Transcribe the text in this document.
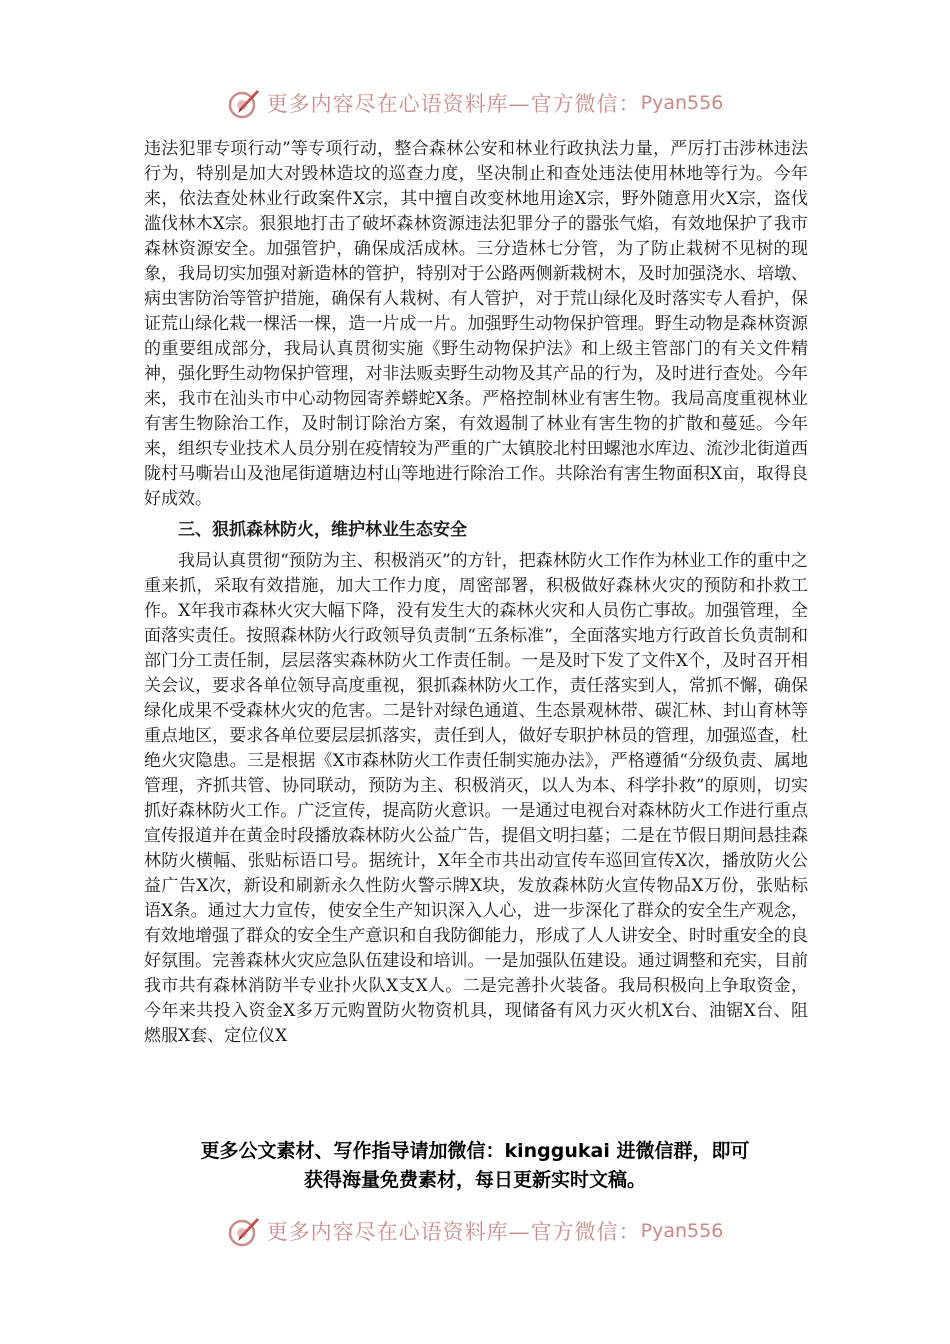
更多内容尽在心语资料库—官方微信： Pyan556

违法犯罪专项行动”等专项行动，整合森林公安和林业行政执法力量，严厉打击涉林违法行为，特别是加大对毁林造坟的巡查力度，坚决制止和查处违法使用林地等行为。今年来，依法查处林业行政案件X宗，其中擅自改变林地用途X宗，野外随意用火X宗，盗伐滥伐林木X宗。狠狠地打击了破坏森林资源违法犯罪分子的嚣张气焰，有效地保护了我市森林资源安全。加强管护，确保成活成林。三分造林七分管，为了防止栽树不见树的现象，我局切实加强对新造林的管护，特别对于公路两侧新栽树木，及时加强浇水、培墩、病虫害防治等管护措施，确保有人栽树、有人管护，对于荒山绿化及时落实专人看护，保证荒山绿化栽一棵活一棵，造一片成一片。加强野生动物保护管理。野生动物是森林资源的重要组成部分，我局认真贯彻实施《野生动物保护法》和上级主管部门的有关文件精神，强化野生动物保护管理，对非法贩卖野生动物及其产品的行为，及时进行查处。今年来，我市在汕头市中心动物园寄养蟒蛇X条。严格控制林业有害生物。我局高度重视林业有害生物除治工作，及时制订除治方案，有效遏制了林业有害生物的扩散和蔓延。今年来，组织专业技术人员分别在疫情较为严重的广太镇胶北村田螺池水库边、流沙北街道西陇村马嘶岩山及池尾街道塘边村山等地进行除治工作。共除治有害生物面积X亩，取得良好成效。

三、狠抓森林防火，维护林业生态安全

我局认真贯彻“预防为主、积极消灭”的方针，把森林防火工作作为林业工作的重中之重来抓，采取有效措施，加大工作力度，周密部署，积极做好森林火灾的预防和扑救工作。X年我市森林火灾大幅下降，没有发生大的森林火灾和人员伤亡事故。加强管理，全面落实责任。按照森林防火行政领导负责制“五条标准”，全面落实地方行政首长负责制和部门分工责任制，层层落实森林防火工作责任制。一是及时下发了文件X个，及时召开相关会议，要求各单位领导高度重视，狠抓森林防火工作，责任落实到人，常抓不懈，确保绿化成果不受森林火灾的危害。二是针对绿色通道、生态景观林带、碳汇林、封山育林等重点地区，要求各单位要层层抓落实，责任到人，做好专职护林员的管理，加强巡查，杜绝火灾隐患。三是根据《X市森林防火工作责任制实施办法》，严格遵循“分级负责、属地管理，齐抓共管、协同联动，预防为主、积极消灭，以人为本、科学扑救”的原则，切实抓好森林防火工作。广泛宣传，提高防火意识。一是通过电视台对森林防火工作进行重点宣传报道并在黄金时段播放森林防火公益广告，提倡文明扫墓；二是在节假日期间悬挂森林防火横幅、张贴标语口号。据统计，X年全市共出动宣传车巡回宣传X次，播放防火公益广告X次，新设和刷新永久性防火警示牌X块，发放森林防火宣传物品X万份，张贴标语X条。通过大力宣传，使安全生产知识深入人心，进一步深化了群众的安全生产观念，有效地增强了群众的安全生产意识和自我防御能力，形成了人人讲安全、时时重安全的良好氛围。完善森林火灾应急队伍建设和培训。一是加强队伍建设。通过调整和充实，目前我市共有森林消防半专业扑火队X支X人。二是完善扑火装备。我局积极向上争取资金，今年来共投入资金X多万元购置防火物资机具，现储备有风力灭火机X台、油锯X台、阻燃服X套、定位仪X

更多公文素材、写作指导请加微信：kinggukai 进微信群，即可
获得海量免费素材，每日更新实时文稿。
更多内容尽在心语资料库—官方微信： Pyan556
